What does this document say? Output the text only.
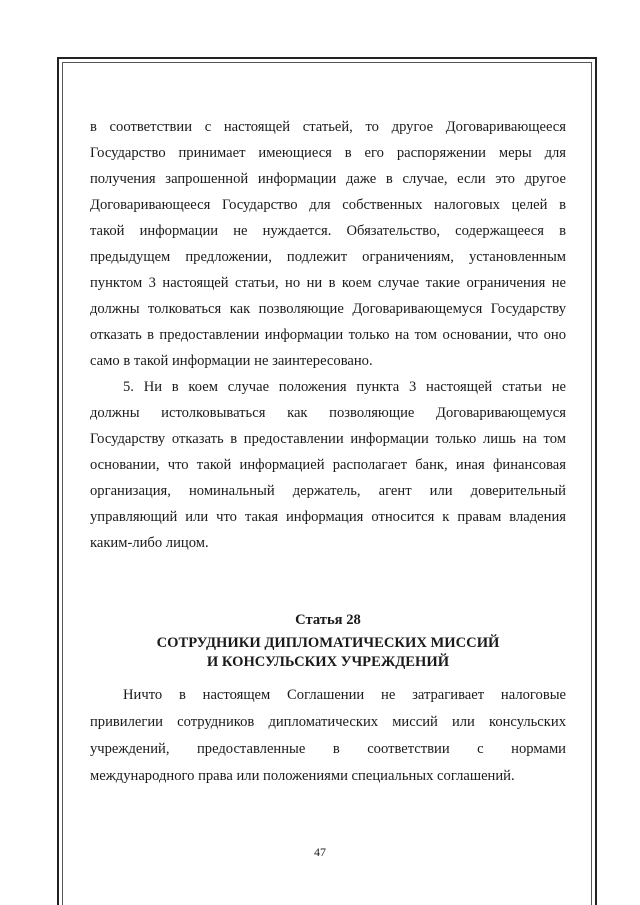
в соответствии с настоящей статьей, то другое Договаривающееся
Государство принимает имеющиеся в его распоряжении меры для
получения запрошенной информации даже в случае, если это другое
Договаривающееся Государство для собственных налоговых целей в
такой информации не нуждается. Обязательство, содержащееся в
предыдущем предложении, подлежит ограничениям, установленным
пунктом 3 настоящей статьи, но ни в коем случае такие ограничения не
должны толковаться как позволяющие Договаривающемуся Государству
отказать в предоставлении информации только на том основании, что оно
само в такой информации не заинтересовано.
5. Ни в коем случае положения пункта 3 настоящей статьи не
должны истолковываться как позволяющие Договаривающемуся
Государству отказать в предоставлении информации только лишь на том
основании, что такой информацией располагает банк, иная финансовая
организация, номинальный держатель, агент или доверительный
управляющий или что такая информация относится к правам владения
каким-либо лицом.
Статья 28
СОТРУДНИКИ ДИПЛОМАТИЧЕСКИХ МИССИЙ
И КОНСУЛЬСКИХ УЧРЕЖДЕНИЙ
Ничто в настоящем Соглашении не затрагивает налоговые
привилегии сотрудников дипломатических миссий или консульских
учреждений, предоставленные в соответствии с нормами
международного права или положениями специальных соглашений.
47
